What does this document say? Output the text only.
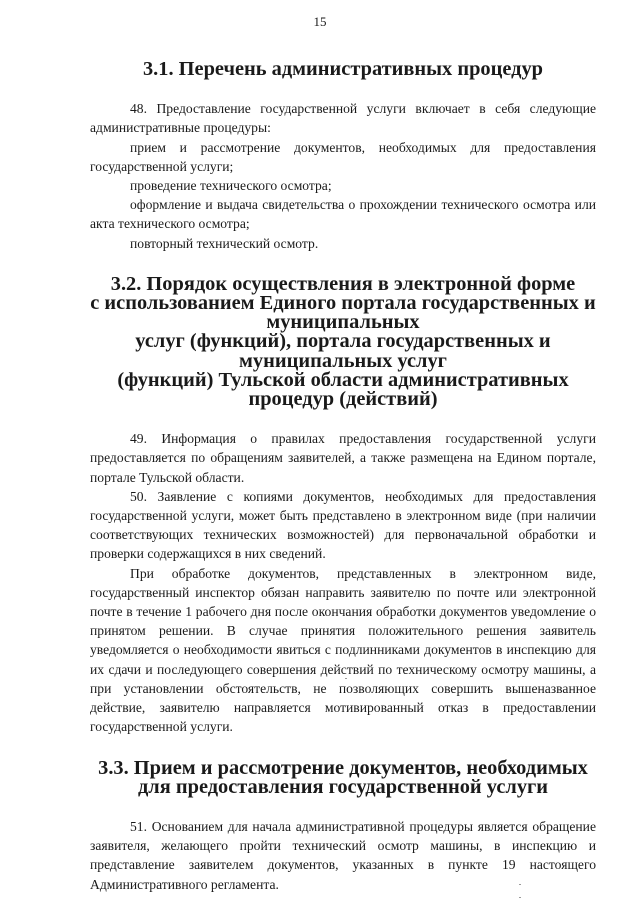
15
3.1. Перечень административных процедур

48. Предоставление государственной услуги включает в себя следующие административные процедуры:

прием и рассмотрение документов, необходимых для предоставления государственной услуги;

проведение технического осмотра;

оформление и выдача свидетельства о прохождении технического осмотра или акта технического осмотра;

повторный технический осмотр.

3.2. Порядок осуществления в электронной форме
с использованием Единого портала государственных и муниципальных
услуг (функций), портала государственных и муниципальных услуг
(функций) Тульской области административных процедур (действий)

49. Информация о правилах предоставления государственной услуги предоставляется по обращениям заявителей, а также размещена на Едином портале, портале Тульской области.

50. Заявление с копиями документов, необходимых для предоставления государственной услуги, может быть представлено в электронном виде (при наличии соответствующих технических возможностей) для первоначальной обработки и проверки содержащихся в них сведений.

При обработке документов, представленных в электронном виде, государственный инспектор обязан направить заявителю по почте или электронной почте в течение 1 рабочего дня после окончания обработки документов уведомление о принятом решении. В случае принятия положительного решения заявитель уведомляется о необходимости явиться с подлинниками документов в инспекцию для их сдачи и последующего совершения действий по техническому осмотру машины, а при установлении обстоятельств, не позволяющих совершить вышеназванное действие, заявителю направляется мотивированный отказ в предоставлении государственной услуги.

3.3. Прием и рассмотрение документов, необходимых
для предоставления государственной услуги

51. Основанием для начала административной процедуры является обращение заявителя, желающего пройти технический осмотр машины, в инспекцию и представление заявителем документов, указанных в пункте 19 настоящего Административного регламента.
